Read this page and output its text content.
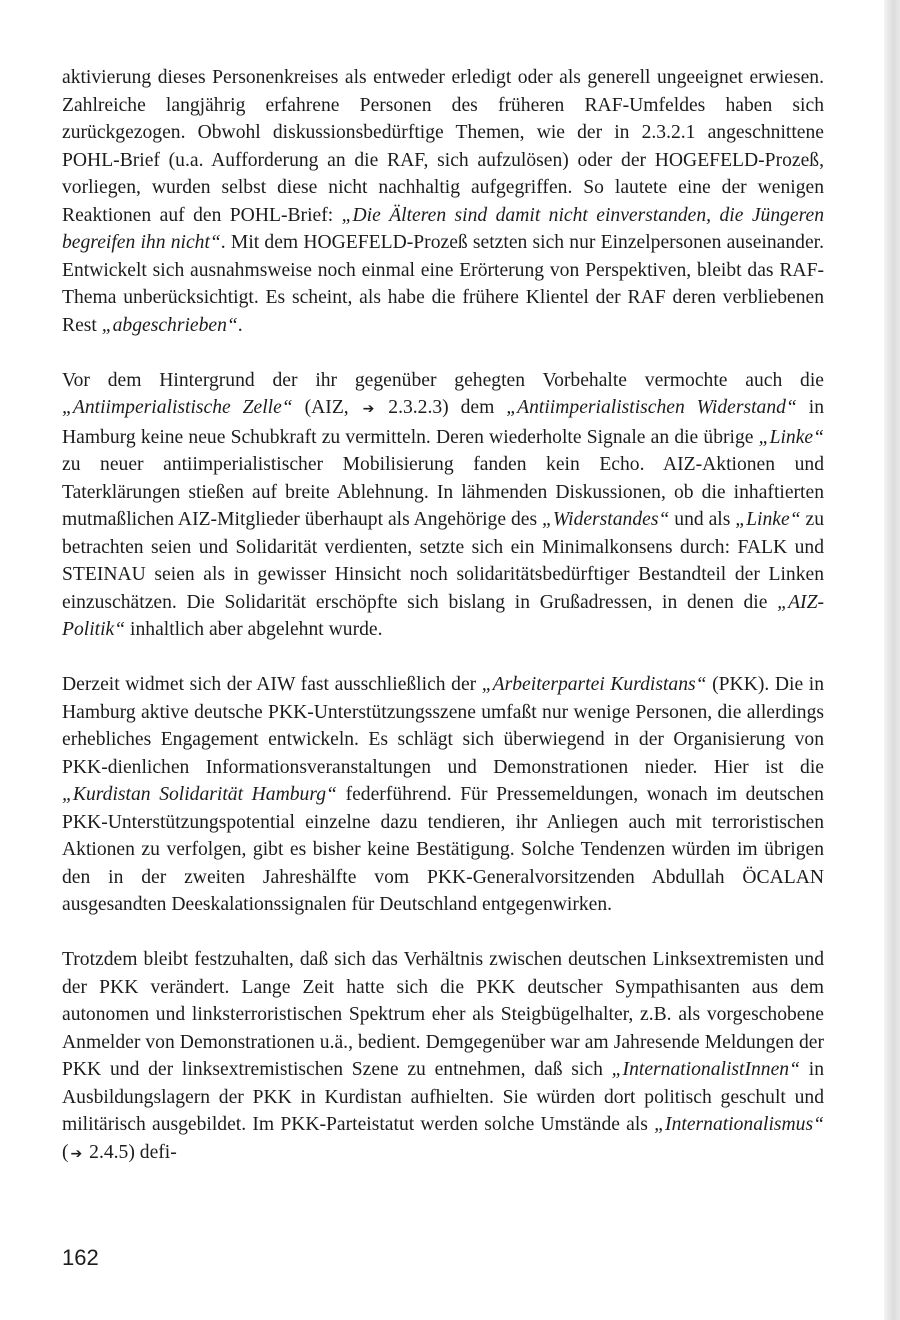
aktivierung dieses Personenkreises als entweder erledigt oder als generell ungeeignet erwiesen. Zahlreiche langjährig erfahrene Personen des früheren RAF-Umfeldes haben sich zurückgezogen. Obwohl diskussionsbedürftige Themen, wie der in 2.3.2.1 angeschnittene POHL-Brief (u.a. Aufforderung an die RAF, sich aufzulösen) oder der HOGEFELD-Prozeß, vorliegen, wurden selbst diese nicht nachhaltig aufgegriffen. So lautete eine der wenigen Reaktionen auf den POHL-Brief: „Die Älteren sind damit nicht einverstanden, die Jüngeren begreifen ihn nicht“. Mit dem HOGEFELD-Prozeß setzten sich nur Einzelpersonen auseinander. Entwickelt sich ausnahmsweise noch einmal eine Erörterung von Perspektiven, bleibt das RAF-Thema unberücksichtigt. Es scheint, als habe die frühere Klientel der RAF deren verbliebenen Rest „abgeschrieben“.

Vor dem Hintergrund der ihr gegenüber gehegten Vorbehalte vermochte auch die „Antiimperialistische Zelle“ (AIZ, ➔ 2.3.2.3) dem „Antiimperialistischen Widerstand“ in Hamburg keine neue Schubkraft zu vermitteln. Deren wiederholte Signale an die übrige „Linke“ zu neuer antiimperialistischer Mobilisierung fanden kein Echo. AIZ-Aktionen und Taterklärungen stießen auf breite Ablehnung. In lähmenden Diskussionen, ob die inhaftierten mutmaßlichen AIZ-Mitglieder überhaupt als Angehörige des „Widerstandes“ und als „Linke“ zu betrachten seien und Solidarität verdienten, setzte sich ein Minimalkonsens durch: FALK und STEINAU seien als in gewisser Hinsicht noch solidaritätsbedürftiger Bestandteil der Linken einzuschätzen. Die Solidarität erschöpfte sich bislang in Grußadressen, in denen die „AIZ-Politik“ inhaltlich aber abgelehnt wurde.

Derzeit widmet sich der AIW fast ausschließlich der „Arbeiterpartei Kurdistans“ (PKK). Die in Hamburg aktive deutsche PKK-Unterstützungsszene umfaßt nur wenige Personen, die allerdings erhebliches Engagement entwickeln. Es schlägt sich überwiegend in der Organisierung von PKK-dienlichen Informationsveranstaltungen und Demonstrationen nieder. Hier ist die „Kurdistan Solidarität Hamburg“ federführend. Für Pressemeldungen, wonach im deutschen PKK-Unterstützungspotential einzelne dazu tendieren, ihr Anliegen auch mit terroristischen Aktionen zu verfolgen, gibt es bisher keine Bestätigung. Solche Tendenzen würden im übrigen den in der zweiten Jahreshälfte vom PKK-Generalvorsitzenden Abdullah ÖCALAN ausgesandten Deeskalationssignalen für Deutschland entgegenwirken.

Trotzdem bleibt festzuhalten, daß sich das Verhältnis zwischen deutschen Linksextremisten und der PKK verändert. Lange Zeit hatte sich die PKK deutscher Sympathisanten aus dem autonomen und linksterroristischen Spektrum eher als Steigbügelhalter, z.B. als vorgeschobene Anmelder von Demonstrationen u.ä., bedient. Demgegenüber war am Jahresende Meldungen der PKK und der linksextremistischen Szene zu entnehmen, daß sich „InternationalistInnen“ in Ausbildungslagern der PKK in Kurdistan aufhielten. Sie würden dort politisch geschult und militärisch ausgebildet. Im PKK-Parteistatut werden solche Umstände als „Internationalismus“ ( ➔ 2.4.5) defi-

162
